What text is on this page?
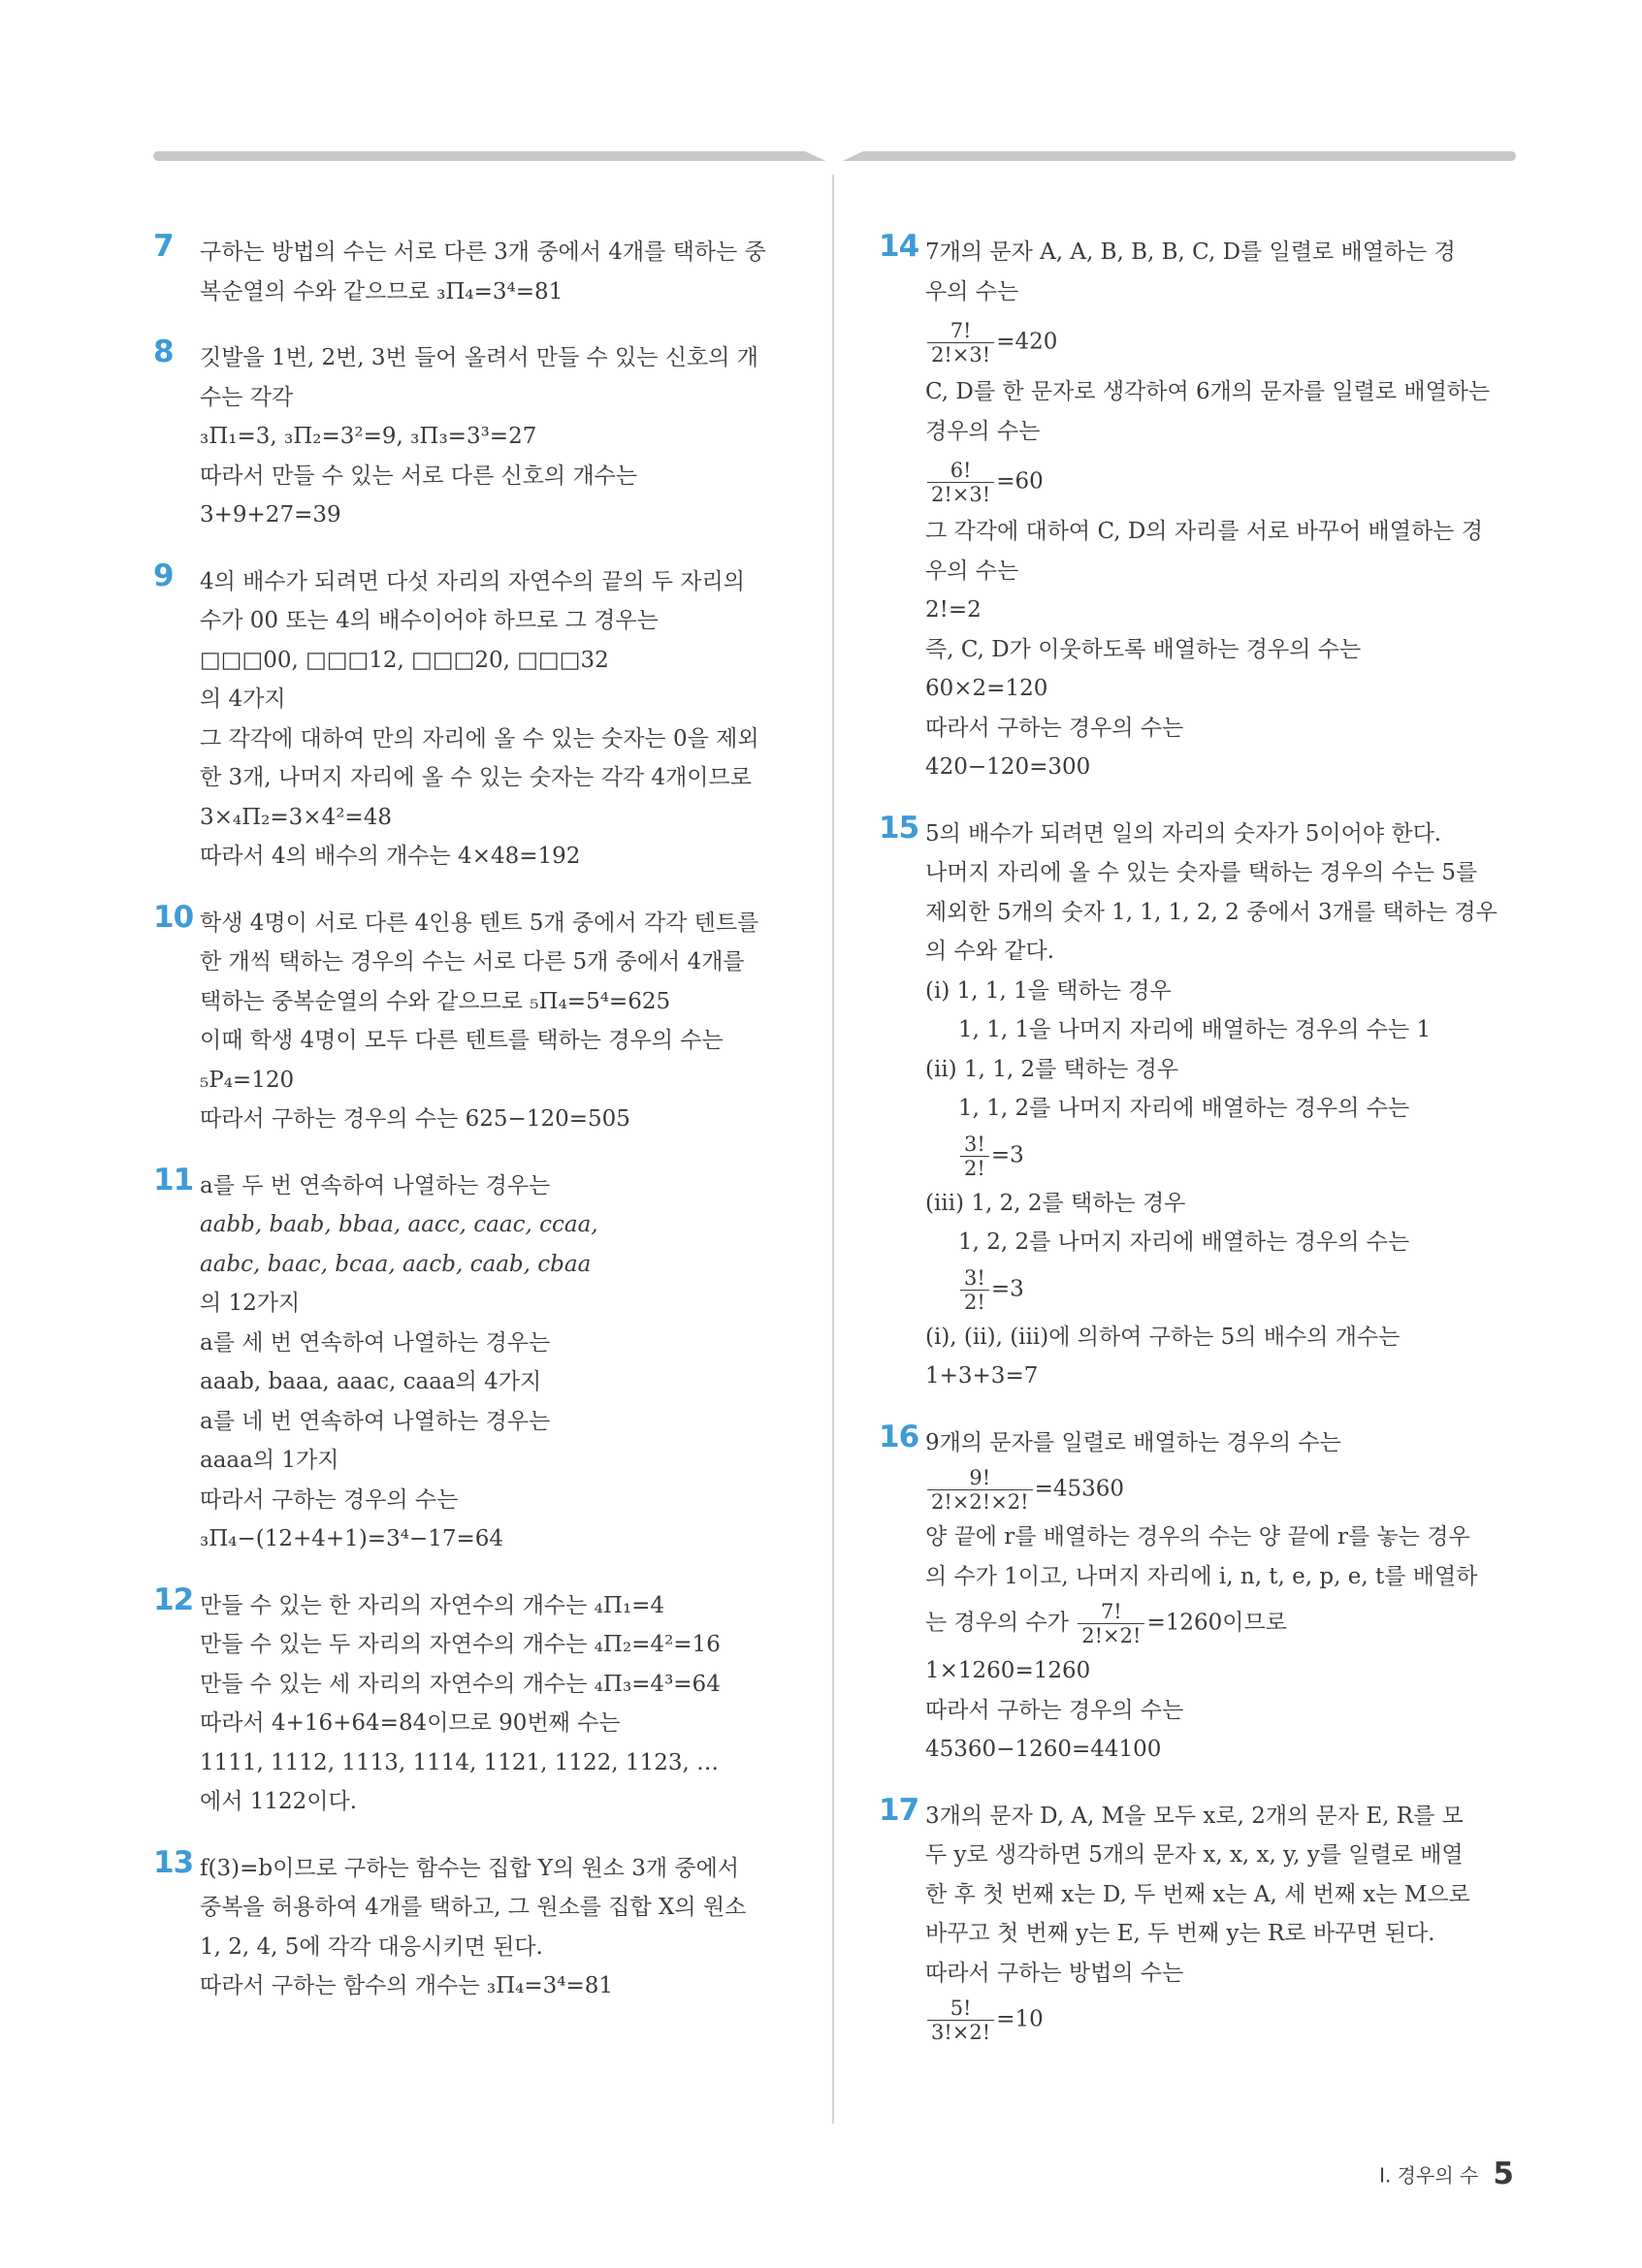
7	구하는 방법의 수는 서로 다른 3개 중에서 4개를 택하는 중
복순열의 수와 같으므로 ₃Π₄=3⁴=81
8	깃발을 1번, 2번, 3번 들어 올려서 만들 수 있는 신호의 개
수는 각각
₃Π₁=3, ₃Π₂=3²=9, ₃Π₃=3³=27
따라서 만들 수 있는 서로 다른 신호의 개수는
3+9+27=39
9	4의 배수가 되려면 다섯 자리의 자연수의 끝의 두 자리의
수가 00 또는 4의 배수이어야 하므로 그 경우는
□□□00, □□□12, □□□20, □□□32
의 4가지
그 각각에 대하여 만의 자리에 올 수 있는 숫자는 0을 제외
한 3개, 나머지 자리에 올 수 있는 숫자는 각각 4개이므로
3×₄Π₂=3×4²=48
따라서 4의 배수의 개수는 4×48=192
10 학생 4명이 서로 다른 4인용 텐트 5개 중에서 각각 텐트를
한 개씩 택하는 경우의 수는 서로 다른 5개 중에서 4개를
택하는 중복순열의 수와 같으므로 ₅Π₄=5⁴=625
이때 학생 4명이 모두 다른 텐트를 택하는 경우의 수는
₅P₄=120
따라서 구하는 경우의 수는 625−120=505
11 a를 두 번 연속하여 나열하는 경우는
aabb, baab, bbaa, aacc, caac, ccaa,
aabc, baac, bcaa, aacb, caab, cbaa
의 12가지
a를 세 번 연속하여 나열하는 경우는
aaab, baaa, aaac, caaa의 4가지
a를 네 번 연속하여 나열하는 경우는
aaaa의 1가지
따라서 구하는 경우의 수는
₃Π₄−(12+4+1)=3⁴−17=64
12 만들 수 있는 한 자리의 자연수의 개수는 ₄Π₁=4
만들 수 있는 두 자리의 자연수의 개수는 ₄Π₂=4²=16
만들 수 있는 세 자리의 자연수의 개수는 ₄Π₃=4³=64
따라서 4+16+64=84이므로 90번째 수는
1111, 1112, 1113, 1114, 1121, 1122, 1123, …
에서 1122이다.
13 f(3)=b이므로 구하는 함수는 집합 Y의 원소 3개 중에서
중복을 허용하여 4개를 택하고, 그 원소를 집합 X의 원소
1, 2, 4, 5에 각각 대응시키면 된다.
따라서 구하는 함수의 개수는 ₃Π₄=3⁴=81
14 7개의 문자 A, A, B, B, B, C, D를 일렬로 배열하는 경
우의 수는
$\frac{7!}{2!\times 3!} =420$
C, D를 한 문자로 생각하여 6개의 문자를 일렬로 배열하는
경우의 수는
$\frac{6!}{2!\times 3!} =60$
그 각각에 대하여 C, D의 자리를 서로 바꾸어 배열하는 경
우의 수는
2!=2
즉, C, D가 이웃하도록 배열하는 경우의 수는
60×2=120
따라서 구하는 경우의 수는
420−120=300
15 5의 배수가 되려면 일의 자리의 숫자가 5이어야 한다.
나머지 자리에 올 수 있는 숫자를 택하는 경우의 수는 5를
제외한 5개의 숫자 1, 1, 1, 2, 2 중에서 3개를 택하는 경우
의 수와 같다.
(ⅰ) 1, 1, 1을 택하는 경우
1, 1, 1을 나머지 자리에 배열하는 경우의 수는 1
(ⅱ) 1, 1, 2를 택하는 경우
1, 1, 2를 나머지 자리에 배열하는 경우의 수는
$\frac{3!}{2!} =3$
(ⅲ) 1, 2, 2를 택하는 경우
1, 2, 2를 나머지 자리에 배열하는 경우의 수는
$\frac{3!}{2!} =3$
(ⅰ), (ⅱ), (ⅲ)에 의하여 구하는 5의 배수의 개수는
1+3+3=7
16 9개의 문자를 일렬로 배열하는 경우의 수는
$\frac{9!}{2!\times 2!\times 2!} =45360$
양 끝에 r를 배열하는 경우의 수는 양 끝에 r를 놓는 경우
의 수가 1이고, 나머지 자리에 i, n, t, e, p, e, t를 배열하
는 경우의 수가 $\frac{7!}{2!\times 2!} =1260$이므로
1×1260=1260
따라서 구하는 경우의 수는
45360−1260=44100
17 3개의 문자 D, A, M을 모두 x로, 2개의 문자 E, R를 모
두 y로 생각하면 5개의 문자 x, x, x, y, y를 일렬로 배열
한 후 첫 번째 x는 D, 두 번째 x는 A, 세 번째 x는 M으로
바꾸고 첫 번째 y는 E, 두 번째 y는 R로 바꾸면 된다.
따라서 구하는 방법의 수는
$\frac{5!}{3!\times 2!} =10$
Ⅰ. 경우의 수 5
